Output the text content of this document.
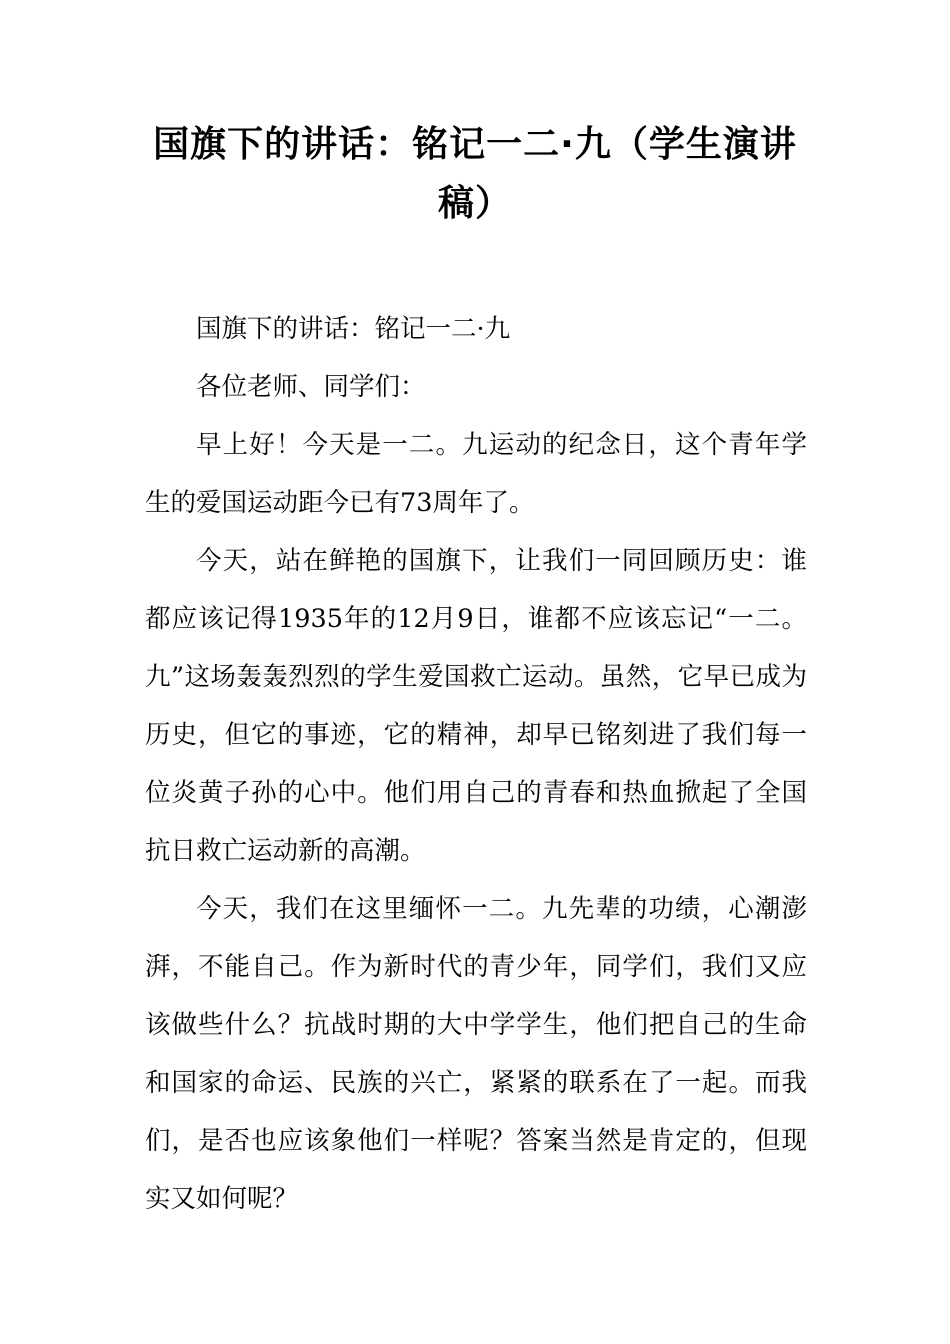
国旗下的讲话：铭记一二·九（学生演讲稿）

国旗下的讲话：铭记一二·九

各位老师、同学们：

早上好！今天是一二。九运动的纪念日，这个青年学生的爱国运动距今已有73周年了。

今天，站在鲜艳的国旗下，让我们一同回顾历史：谁都应该记得1935年的12月9日，谁都不应该忘记“一二。九”这场轰轰烈烈的学生爱国救亡运动。虽然，它早已成为历史，但它的事迹，它的精神，却早已铭刻进了我们每一位炎黄子孙的心中。他们用自己的青春和热血掀起了全国抗日救亡运动新的高潮。

今天，我们在这里缅怀一二。九先辈的功绩，心潮澎湃，不能自己。作为新时代的青少年，同学们，我们又应该做些什么？抗战时期的大中学学生，他们把自己的生命和国家的命运、民族的兴亡，紧紧的联系在了一起。而我们，是否也应该象他们一样呢？答案当然是肯定的，但现实又如何呢？
